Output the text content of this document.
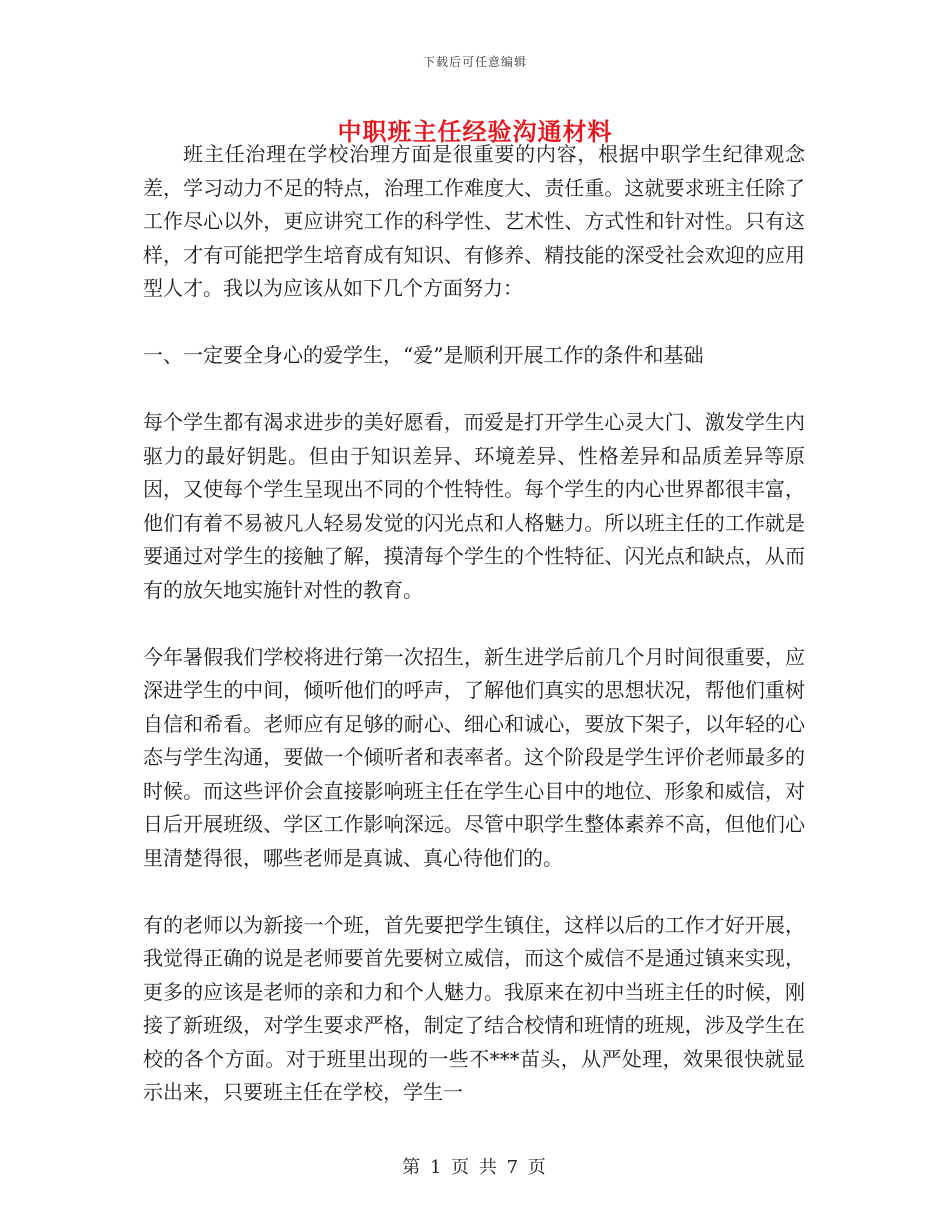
下载后可任意编辑
中职班主任经验沟通材料

班主任治理在学校治理方面是很重要的内容，根据中职学生纪律观念差，学习动力不足的特点，治理工作难度大、责任重。这就要求班主任除了工作尽心以外，更应讲究工作的科学性、艺术性、方式性和针对性。只有这样，才有可能把学生培育成有知识、有修养、精技能的深受社会欢迎的应用型人才。我以为应该从如下几个方面努力：

一、一定要全身心的爱学生，“爱”是顺利开展工作的条件和基础

每个学生都有渴求进步的美好愿看，而爱是打开学生心灵大门、激发学生内驱力的最好钥匙。但由于知识差异、环境差异、性格差异和品质差异等原因，又使每个学生呈现出不同的个性特性。每个学生的内心世界都很丰富，他们有着不易被凡人轻易发觉的闪光点和人格魅力。所以班主任的工作就是要通过对学生的接触了解，摸清每个学生的个性特征、闪光点和缺点，从而有的放矢地实施针对性的教育。

今年暑假我们学校将进行第一次招生，新生进学后前几个月时间很重要，应深进学生的中间，倾听他们的呼声，了解他们真实的思想状况，帮他们重树自信和希看。老师应有足够的耐心、细心和诚心，要放下架子，以年轻的心态与学生沟通，要做一个倾听者和表率者。这个阶段是学生评价老师最多的时候。而这些评价会直接影响班主任在学生心目中的地位、形象和威信，对日后开展班级、学区工作影响深远。尽管中职学生整体素养不高，但他们心里清楚得很，哪些老师是真诚、真心待他们的。

有的老师以为新接一个班，首先要把学生镇住，这样以后的工作才好开展，我觉得正确的说是老师要首先要树立威信，而这个威信不是通过镇来实现，更多的应该是老师的亲和力和个人魅力。我原来在初中当班主任的时候，刚接了新班级，对学生要求严格，制定了结合校情和班情的班规，涉及学生在校的各个方面。对于班里出现的一些不***苗头，从严处理，效果很快就显示出来，只要班主任在学校，学生一

第 1 页 共 7 页
